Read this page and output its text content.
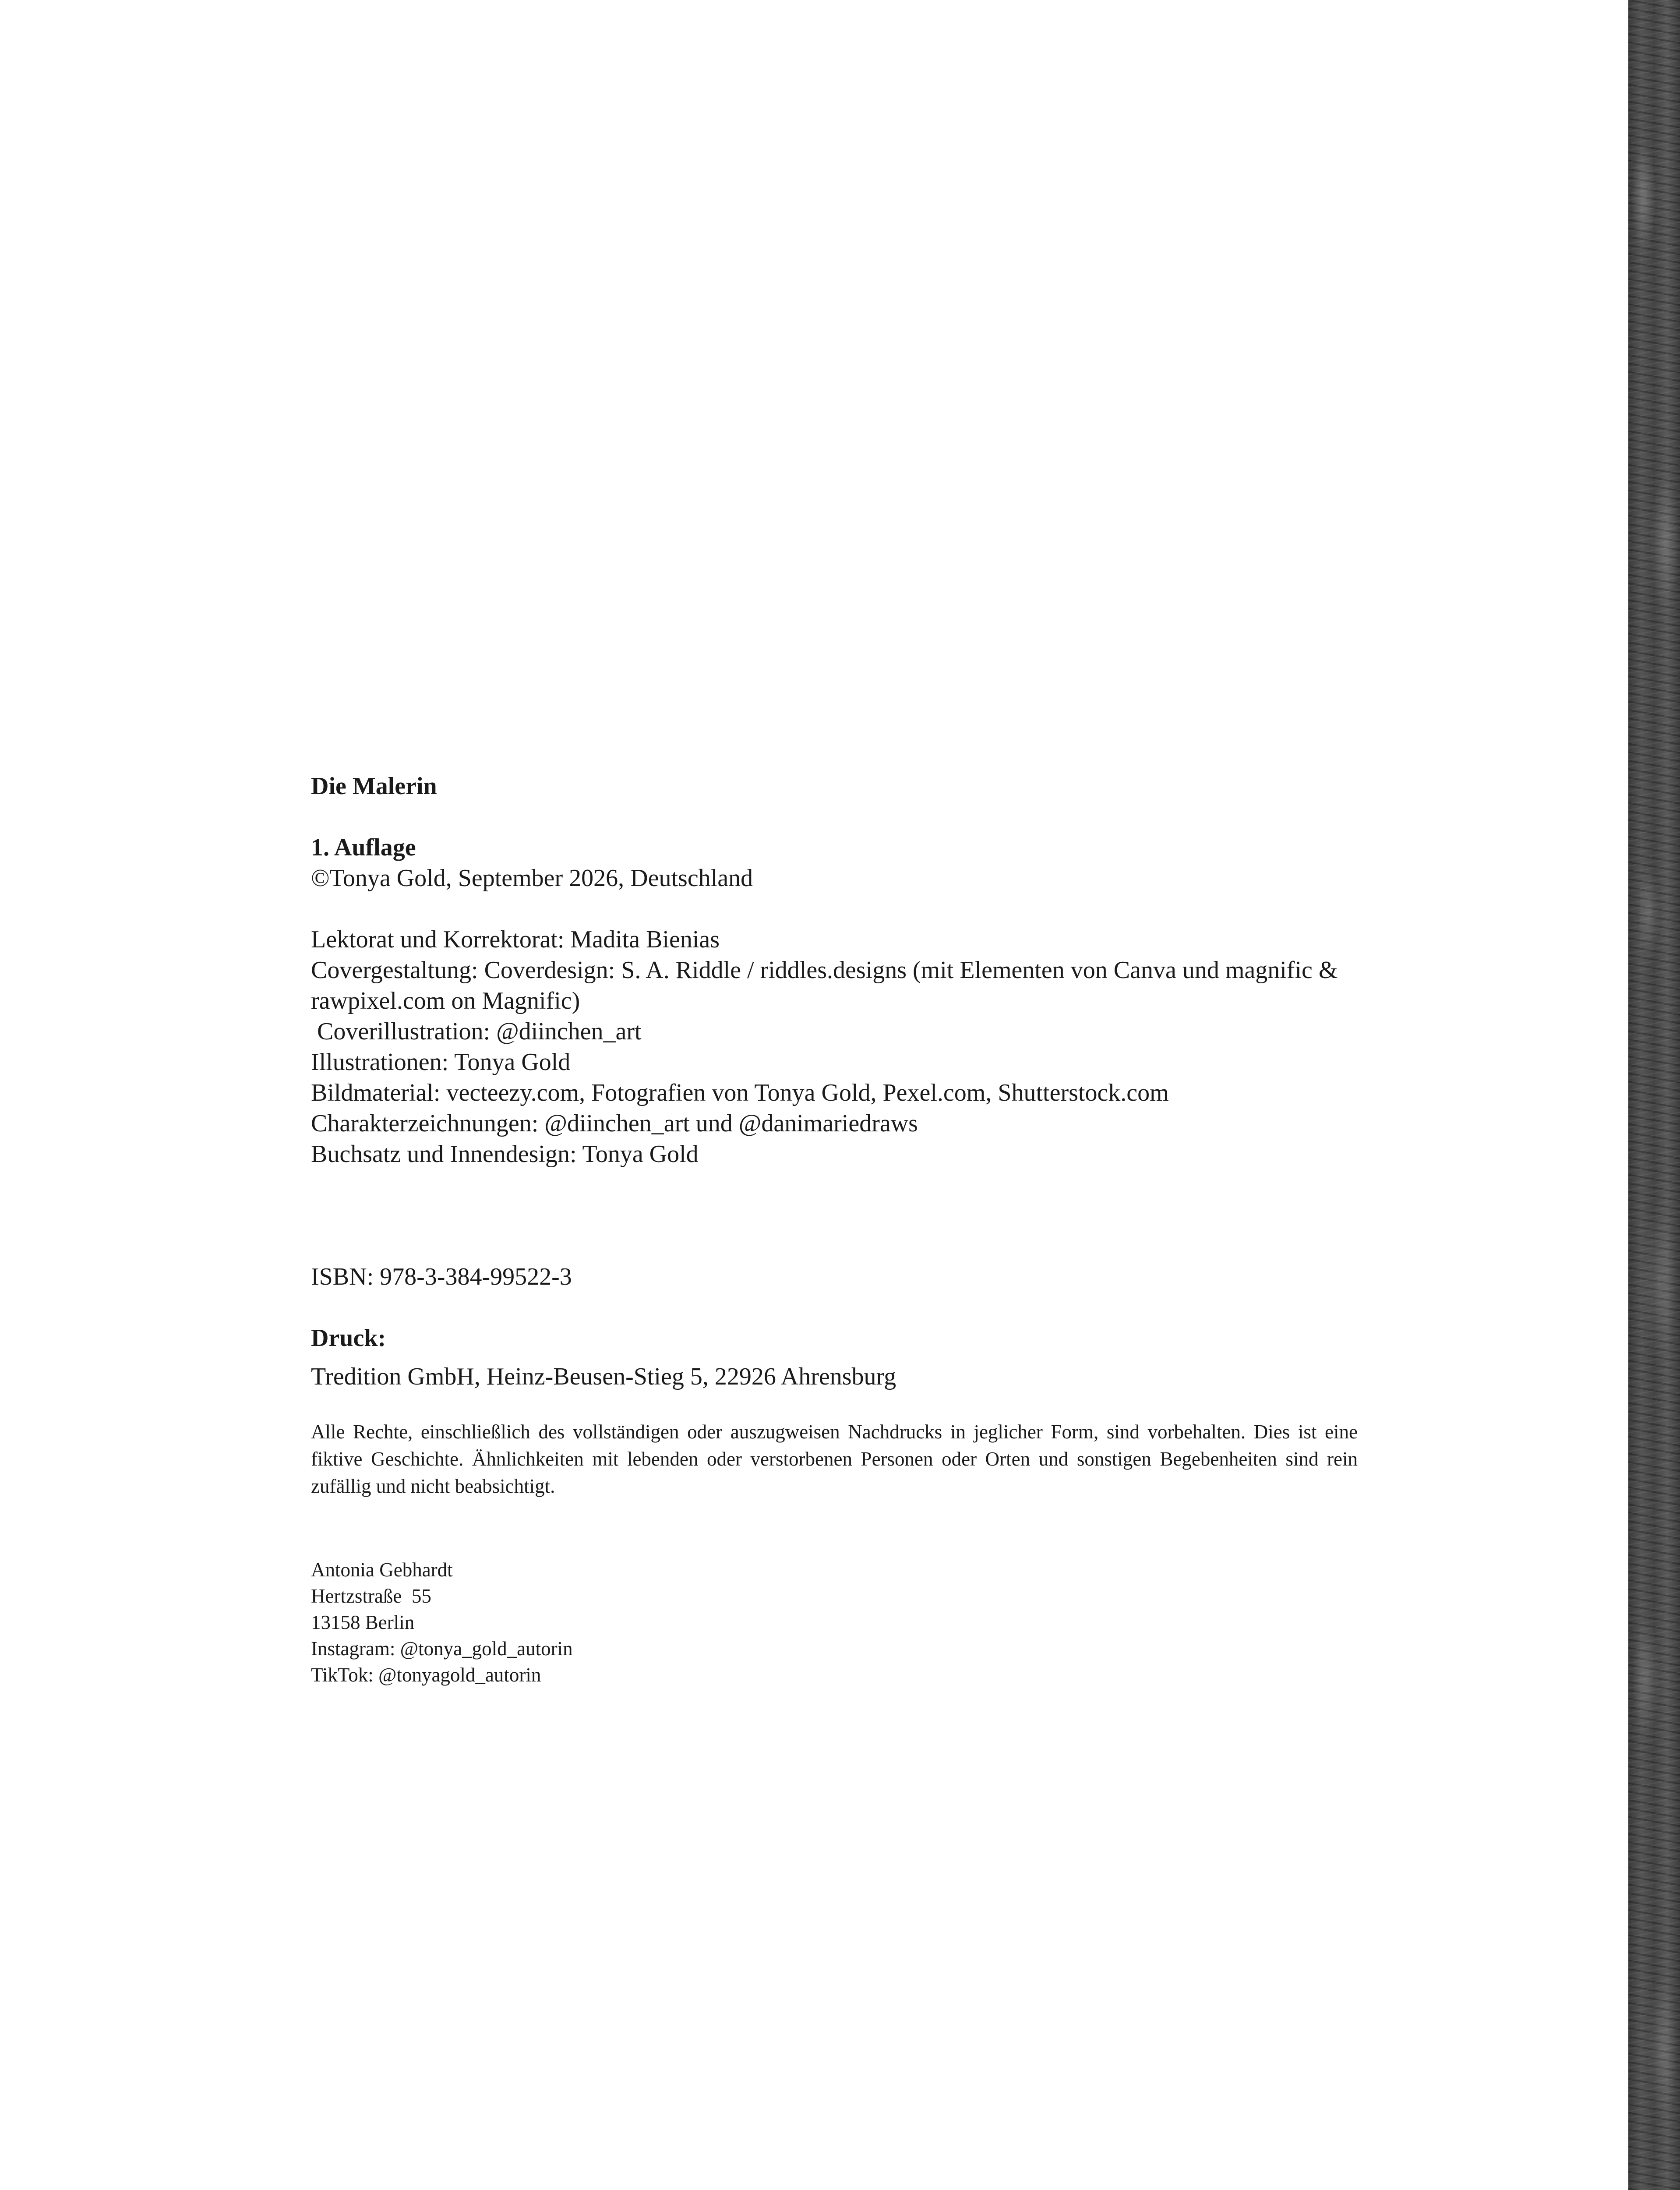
Die Malerin
1. Auflage
©Tonya Gold, September 2026, Deutschland
Lektorat und Korrektorat: Madita Bienias
Covergestaltung: Coverdesign: S. A. Riddle / riddles.designs (mit Elementen von Canva und magnific & rawpixel.com on Magnific)
Coverillustration: @diinchen_art
Illustrationen: Tonya Gold
Bildmaterial: vecteezy.com, Fotografien von Tonya Gold, Pexel.com, Shutterstock.com
Charakterzeichnungen: @diinchen_art und @danimariedraws
Buchsatz und Innendesign: Tonya Gold
ISBN: 978-3-384-99522-3
Druck:
Tredition GmbH, Heinz-Beusen-Stieg 5, 22926 Ahrensburg
Alle Rechte, einschließlich des vollständigen oder auszugweisen Nachdrucks in jeglicher Form, sind vorbehalten. Dies ist eine fiktive Geschichte. Ähnlichkeiten mit lebenden oder verstorbenen Personen oder Orten und sonstigen Begebenheiten sind rein zufällig und nicht beabsichtigt.
Antonia Gebhardt
Hertzstraße  55
13158 Berlin
Instagram: @tonya_gold_autorin
TikTok: @tonyagold_autorin
